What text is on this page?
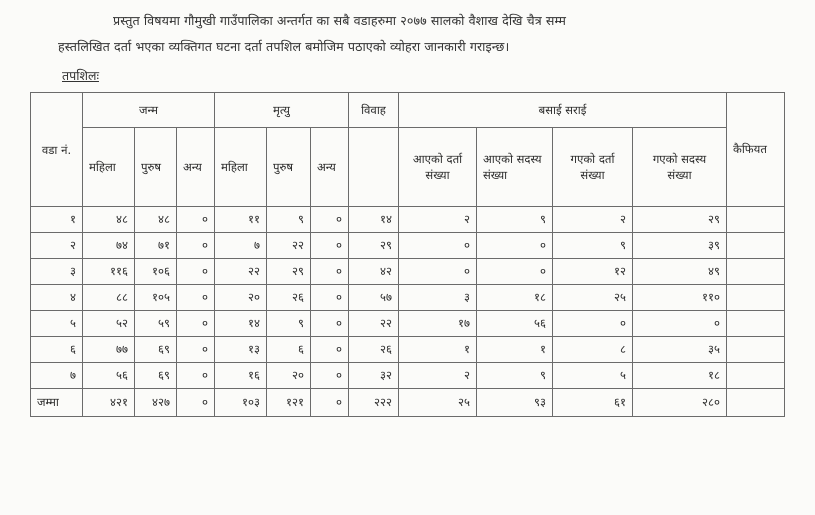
प्रस्तुत विषयमा गौमुखी गाउँपालिका अन्तर्गत का सबै वडाहरुमा २०७७ सालको वैशाख देखि चैत्र सम्म
हस्तलिखित दर्ता भएका व्यक्तिगत घटना दर्ता तपशिल बमोजिम पठाएको व्योहरा जानकारी गराइन्छ।
तपशिलः
वडा नं.	जन्म			मृत्यु			विवाह	बसाई सराई				कैफियत
	महिला	पुरुष	अन्य	महिला	पुरुष	अन्य		आएको दर्ता संख्या	आएको सदस्य संख्या	गएको दर्ता संख्या	गएको सदस्य संख्या	
१	४८	४८	०	११	९	०	१४	२	९	२	२९	
२	७४	७१	०	७	२२	०	२९	०	०	९	३९	
३	११६	१०६	०	२२	२९	०	४२	०	०	१२	४९	
४	८८	१०५	०	२०	२६	०	५७	३	१८	२५	११०	
५	५२	५९	०	१४	९	०	२२	१७	५६	०	०	
६	७७	६९	०	१३	६	०	२६	१	१	८	३५	
७	५६	६९	०	१६	२०	०	३२	२	९	५	१८	
जम्मा	४२१	४२७	०	१०३	१२१	०	२२२	२५	९३	६१	२८०	
